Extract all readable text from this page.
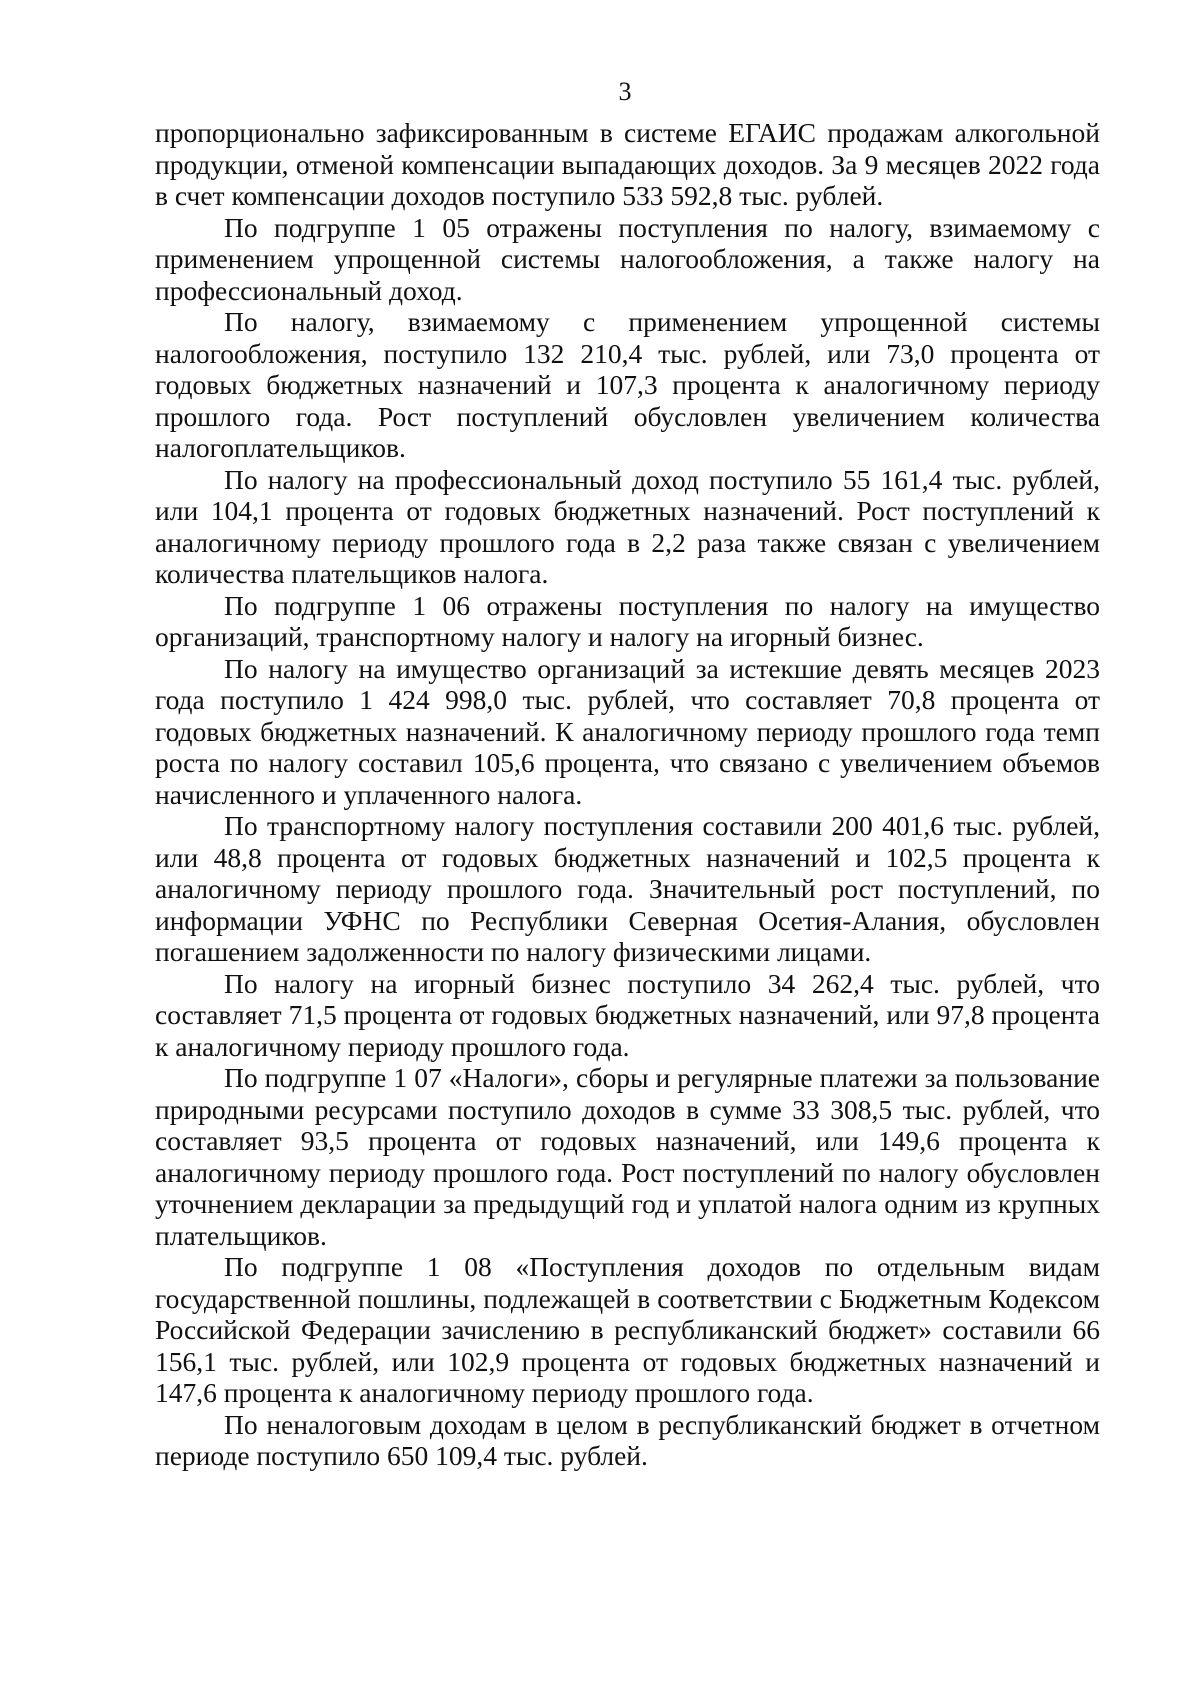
3

пропорционально зафиксированным в системе ЕГАИС продажам алкогольной продукции, отменой компенсации выпадающих доходов. За 9 месяцев 2022 года в счет компенсации доходов поступило 533 592,8 тыс. рублей.

По подгруппе 1 05 отражены поступления по налогу, взимаемому с применением упрощенной системы налогообложения, а также налогу на профессиональный доход.

По налогу, взимаемому с применением упрощенной системы налогообложения, поступило 132 210,4 тыс. рублей, или 73,0 процента от годовых бюджетных назначений и 107,3 процента к аналогичному периоду прошлого года. Рост поступлений обусловлен увеличением количества налогоплательщиков.

По налогу на профессиональный доход поступило 55 161,4 тыс. рублей, или 104,1 процента от годовых бюджетных назначений. Рост поступлений к аналогичному периоду прошлого года в 2,2 раза также связан с увеличением количества плательщиков налога.

По подгруппе 1 06 отражены поступления по налогу на имущество организаций, транспортному налогу и налогу на игорный бизнес.

По налогу на имущество организаций за истекшие девять месяцев 2023 года поступило 1 424 998,0 тыс. рублей, что составляет 70,8 процента от годовых бюджетных назначений. К аналогичному периоду прошлого года темп роста по налогу составил 105,6 процента, что связано с увеличением объемов начисленного и уплаченного налога.

По транспортному налогу поступления составили 200 401,6 тыс. рублей, или 48,8 процента от годовых бюджетных назначений и 102,5 процента к аналогичному периоду прошлого года. Значительный рост поступлений, по информации УФНС по Республики Северная Осетия-Алания, обусловлен погашением задолженности по налогу физическими лицами.

По налогу на игорный бизнес поступило 34 262,4 тыс. рублей, что составляет 71,5 процента от годовых бюджетных назначений, или 97,8 процента к аналогичному периоду прошлого года.

По подгруппе 1 07 «Налоги», сборы и регулярные платежи за пользование природными ресурсами поступило доходов в сумме 33 308,5 тыс. рублей, что составляет 93,5 процента от годовых назначений, или 149,6 процента к аналогичному периоду прошлого года. Рост поступлений по налогу обусловлен уточнением декларации за предыдущий год и уплатой налога одним из крупных плательщиков.

По подгруппе 1 08 «Поступления доходов по отдельным видам государственной пошлины, подлежащей в соответствии с Бюджетным Кодексом Российской Федерации зачислению в республиканский бюджет» составили 66 156,1 тыс. рублей, или 102,9 процента от годовых бюджетных назначений и 147,6 процента к аналогичному периоду прошлого года.

По неналоговым доходам в целом в республиканский бюджет в отчетном периоде поступило 650 109,4 тыс. рублей.
